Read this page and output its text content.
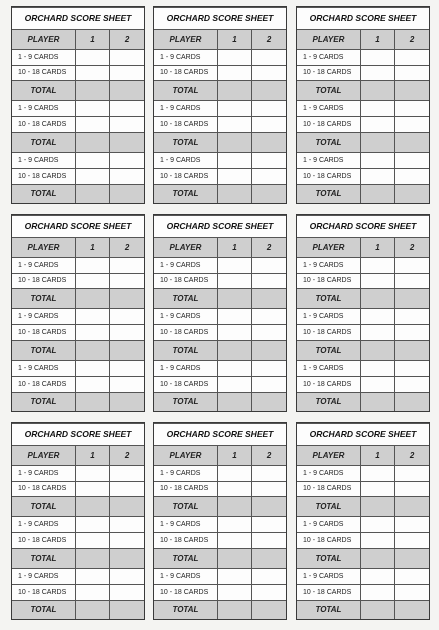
ORCHARD SCORE SHEET		
PLAYER	1	2
1 - 9 CARDS		
10 - 18 CARDS		
TOTAL		
1 - 9 CARDS		
10 - 18 CARDS		
TOTAL		
1 - 9 CARDS		
10 - 18 CARDS		
TOTAL		
ORCHARD SCORE SHEET		
PLAYER	1	2
1 - 9 CARDS		
10 - 18 CARDS		
TOTAL		
1 - 9 CARDS		
10 - 18 CARDS		
TOTAL		
1 - 9 CARDS		
10 - 18 CARDS		
TOTAL		
ORCHARD SCORE SHEET		
PLAYER	1	2
1 - 9 CARDS		
10 - 18 CARDS		
TOTAL		
1 - 9 CARDS		
10 - 18 CARDS		
TOTAL		
1 - 9 CARDS		
10 - 18 CARDS		
TOTAL		
ORCHARD SCORE SHEET		
PLAYER	1	2
1 - 9 CARDS		
10 - 18 CARDS		
TOTAL		
1 - 9 CARDS		
10 - 18 CARDS		
TOTAL		
1 - 9 CARDS		
10 - 18 CARDS		
TOTAL		
ORCHARD SCORE SHEET		
PLAYER	1	2
1 - 9 CARDS		
10 - 18 CARDS		
TOTAL		
1 - 9 CARDS		
10 - 18 CARDS		
TOTAL		
1 - 9 CARDS		
10 - 18 CARDS		
TOTAL		
ORCHARD SCORE SHEET		
PLAYER	1	2
1 - 9 CARDS		
10 - 18 CARDS		
TOTAL		
1 - 9 CARDS		
10 - 18 CARDS		
TOTAL		
1 - 9 CARDS		
10 - 18 CARDS		
TOTAL		
ORCHARD SCORE SHEET		
PLAYER	1	2
1 - 9 CARDS		
10 - 18 CARDS		
TOTAL		
1 - 9 CARDS		
10 - 18 CARDS		
TOTAL		
1 - 9 CARDS		
10 - 18 CARDS		
TOTAL		
ORCHARD SCORE SHEET		
PLAYER	1	2
1 - 9 CARDS		
10 - 18 CARDS		
TOTAL		
1 - 9 CARDS		
10 - 18 CARDS		
TOTAL		
1 - 9 CARDS		
10 - 18 CARDS		
TOTAL		
ORCHARD SCORE SHEET		
PLAYER	1	2
1 - 9 CARDS		
10 - 18 CARDS		
TOTAL		
1 - 9 CARDS		
10 - 18 CARDS		
TOTAL		
1 - 9 CARDS		
10 - 18 CARDS		
TOTAL		
